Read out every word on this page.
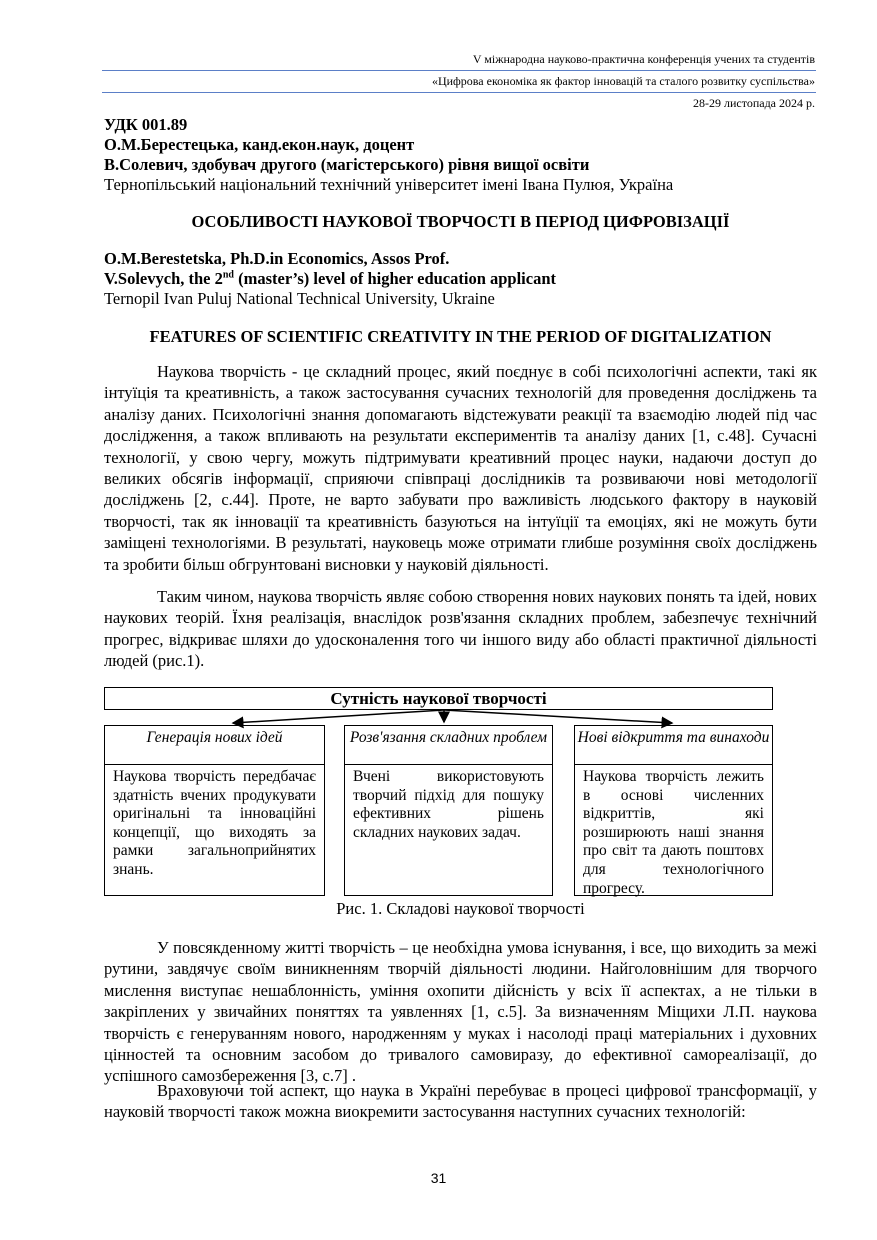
V міжнародна науково-практична конференція учених та студентів
«Цифрова економіка як фактор інновацій та сталого розвитку суспільства»
28-29 листопада 2024 р.
УДК 001.89
О.М.Берестецька, канд.екон.наук, доцент
В.Солевич, здобувач другого (магістерського) рівня вищої освіти
Тернопільський національний технічний університет імені Івана Пулюя, Україна
ОСОБЛИВОСТІ НАУКОВОЇ ТВОРЧОСТІ В ПЕРІОД ЦИФРОВІЗАЦІЇ
O.M.Berestetska, Ph.D.in Economics, Assos Prof.
V.Solevych, the 2nd (master’s) level of higher education applicant
Ternopil Ivan Puluj National Technical University, Ukraine
FEATURES OF SCIENTIFIC CREATIVITY IN THE PERIOD OF DIGITALIZATION
Наукова творчість - це складний процес, який поєднує в собі психологічні аспекти, такі як інтуїція та креативність, а також застосування сучасних технологій для проведення досліджень та аналізу даних. Психологічні знання допомагають відстежувати реакції та взаємодію людей під час дослідження, а також впливають на результати експериментів та аналізу даних [1, с.48]. Сучасні технології, у свою чергу, можуть підтримувати креативний процес науки, надаючи доступ до великих обсягів інформації, сприяючи співпраці дослідників та розвиваючи нові методології досліджень [2, с.44]. Проте, не варто забувати про важливість людського фактору в науковій творчості, так як інновації та креативність базуються на інтуїції та емоціях, які не можуть бути заміщені технологіями. В результаті, науковець може отримати глибше розуміння своїх досліджень та зробити більш обгрунтовані висновки у науковій діяльності.
Таким чином, наукова творчість являє собою створення нових наукових понять та ідей, нових наукових теорій. Їхня реалізація, внаслідок розв'язання складних проблем, забезпечує технічний прогрес, відкриває шляхи до удосконалення того чи іншого виду або області практичної діяльності людей (рис.1).
Сутність наукової творчості
Генерація нових ідей	Розв'язання складних проблем	Нові відкриття та винаходи
Наукова творчість передбачає здатність вчених продукувати оригінальні та інноваційні концепції, що виходять за рамки загальноприйнятих знань.
Вчені використовують творчий підхід для пошуку ефективних рішень складних наукових задач.
Наукова творчість лежить в основі численних відкриттів, які розширюють наші знання про світ та дають поштовх для технологічного прогресу.
Рис. 1. Складові наукової творчості
У повсякденному житті творчість – це необхідна умова існування, і все, що виходить за межі рутини, завдячує своїм виникненням творчій діяльності людини. Найголовнішим для творчого мислення виступає нешаблонність, уміння охопити дійсність у всіх її аспектах, а не тільки в закріплених у звичайних поняттях та уявленнях [1, с.5]. За визначенням Міщихи Л.П. наукова творчість є генеруванням нового, народженням у муках і насолоді праці матеріальних і духовних цінностей та основним засобом до тривалого самовиразу, до ефективної самореалізації, до успішного самозбереження [3, с.7] .
Враховуючи той аспект, що наука в Україні перебуває в процесі цифрової трансформації, у науковій творчості також можна виокремити застосування наступних сучасних технологій:
31
